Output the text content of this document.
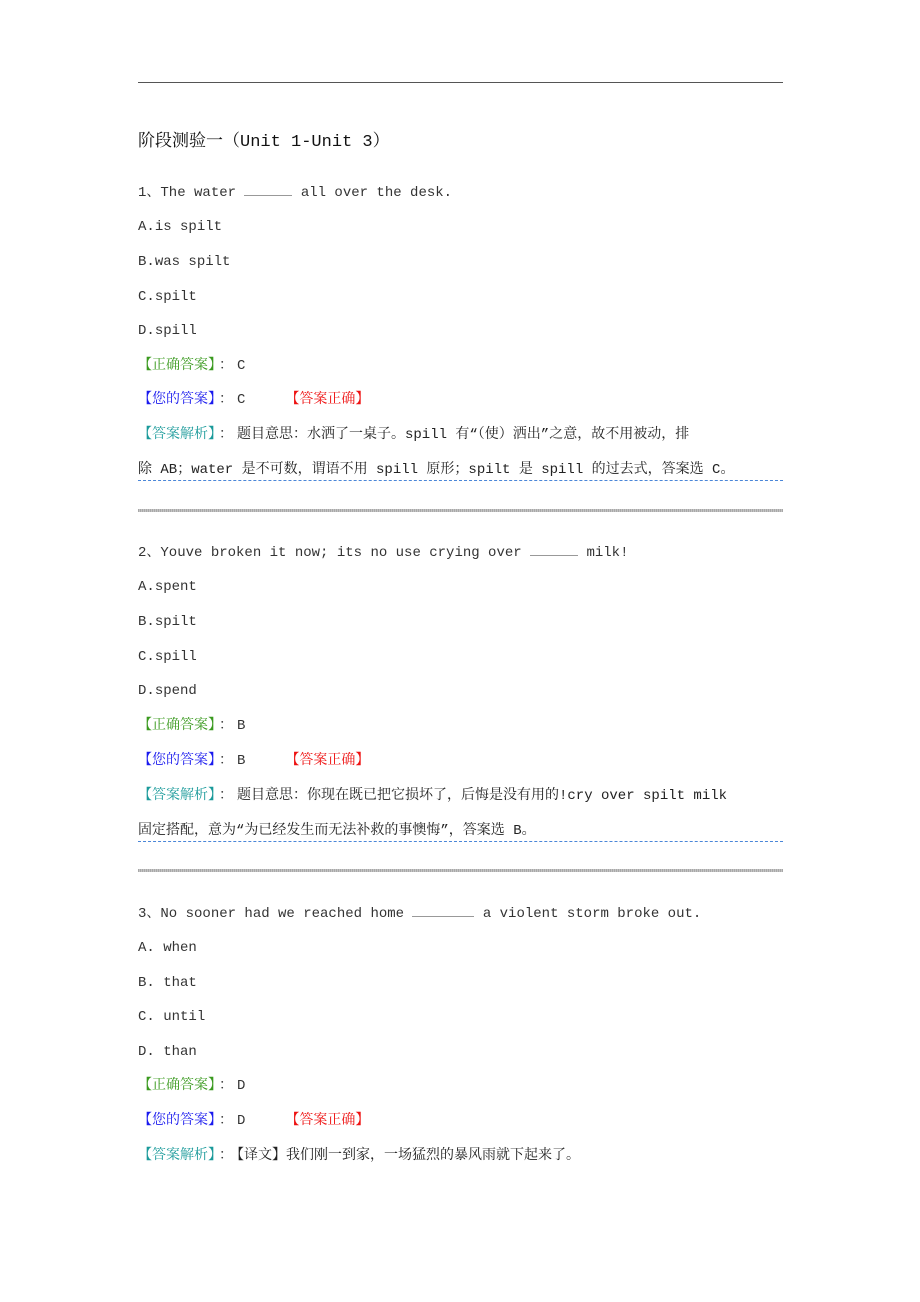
阶段测验一（Unit 1-Unit 3）
1、The water	all over the desk.
A.is spilt
B.was spilt
C.spilt
D.spill
【正确答案】 ： C
【您的答案】 ： C	【答案正确】
【答案解析】 ： 题目意思：水洒了一桌子。spill 有“（使）洒出”之意，故不用被动，排
除 AB；water 是不可数，谓语不用 spill 原形；spilt 是 spill 的过去式，答案选 C。
2、Youve broken it now; its no use crying over	milk!
A.spent
B.spilt
C.spill
D.spend
【正确答案】 ： B
【您的答案】 ： B	【答案正确】
【答案解析】 ： 题目意思：你现在既已把它损坏了，后悔是没有用的!cry over spilt milk
固定搭配，意为“为已经发生而无法补救的事懊悔”，答案选 B。
3、No sooner had we reached home	a violent storm broke out.
A. when
B. that
C. until
D. than
【正确答案】 ： D
【您的答案】 ： D	【答案正确】
【答案解析】 ： 【译文】我们刚一到家，一场猛烈的暴风雨就下起来了。
